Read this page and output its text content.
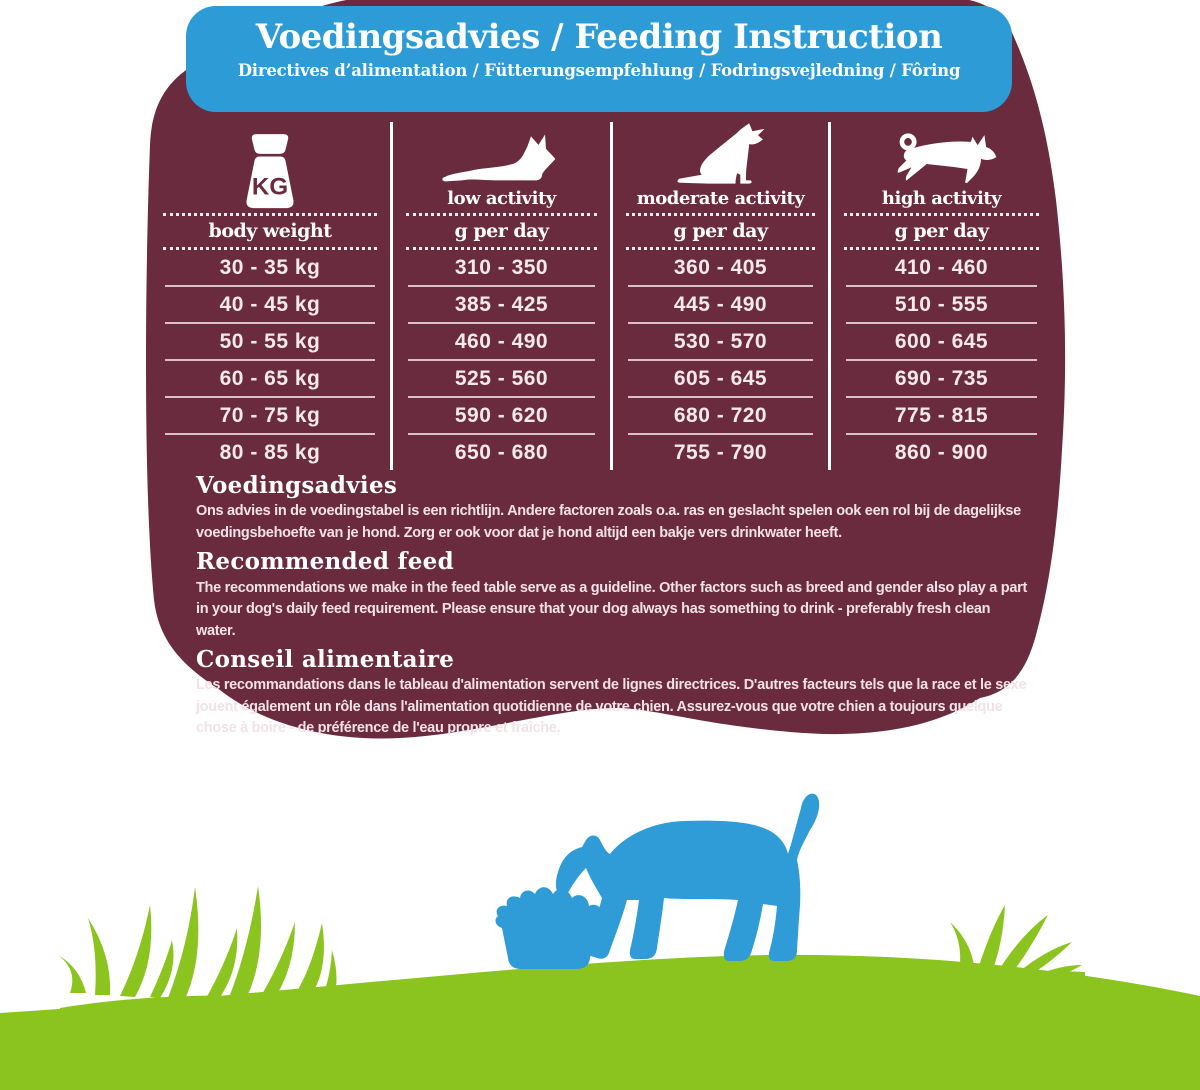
Voedingsadvies / Feeding Instruction
Directives d’alimentation / Fütterungsempfehlung / Fodringsvejledning / Fôring
KG
body weight
30 - 35 kg
40 - 45 kg
50 - 55 kg
60 - 65 kg
70 - 75 kg
80 - 85 kg
low activity
g per day
310 - 350
385 - 425
460 - 490
525 - 560
590 - 620
650 - 680
moderate activity
g per day
360 - 405
445 - 490
530 - 570
605 - 645
680 - 720
755 - 790
high activity
g per day
410 - 460
510 - 555
600 - 645
690 - 735
775 - 815
860 - 900
Voedingsadvies

Ons advies in de voedingstabel is een richtlijn. Andere factoren zoals o.a. ras en geslacht spelen ook een rol bij de dagelijkse voedingsbehoefte van je hond. Zorg er ook voor dat je hond altijd een bakje vers drinkwater heeft.

Recommended feed

The recommendations we make in the feed table serve as a guideline. Other factors such as breed and gender also play a part in your dog's daily feed requirement. Please ensure that your dog always has something to drink - preferably fresh clean water.

Conseil alimentaire

Les recommandations dans le tableau d'alimentation servent de lignes directrices. D'autres facteurs tels que la race et le sexe jouent également un rôle dans l'alimentation quotidienne de votre chien. Assurez-vous que votre chien a toujours quelque chose à boire - de préférence de l'eau propre et fraîche.
